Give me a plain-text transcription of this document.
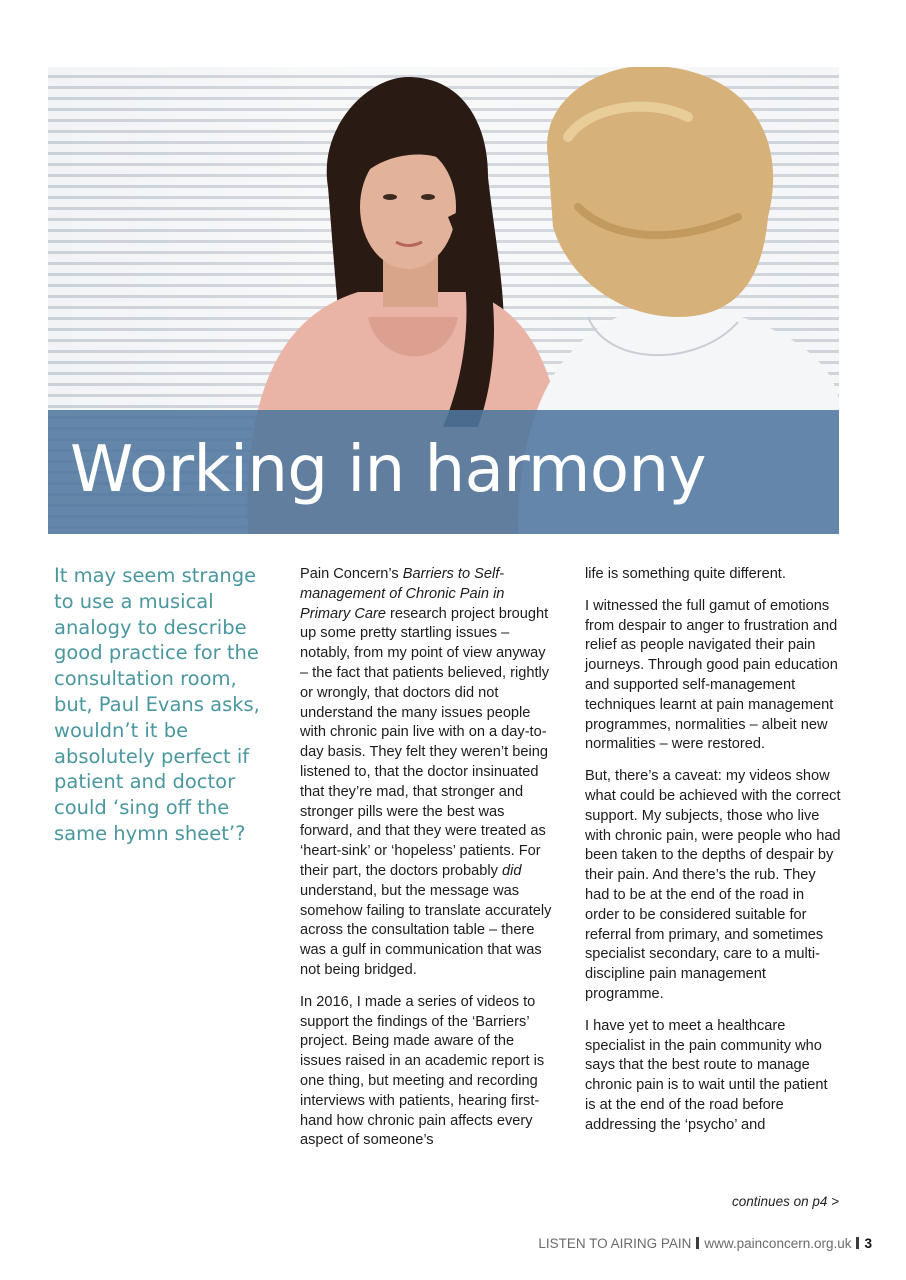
Working in harmony

It may seem strange to use a musical analogy to describe good practice for the consultation room, but, Paul Evans asks, wouldn’t it be absolutely perfect if patient and doctor could ‘sing off the same hymn sheet’?

Pain Concern’s Barriers to Self-management of Chronic Pain in Primary Care research project brought up some pretty startling issues – notably, from my point of view anyway – the fact that patients believed, rightly or wrongly, that doctors did not understand the many issues people with chronic pain live with on a day-to-day basis. They felt they weren’t being listened to, that the doctor insinuated that they’re mad, that stronger and stronger pills were the best was forward, and that they were treated as ‘heart-sink’ or ‘hopeless’ patients. For their part, the doctors probably did understand, but the message was somehow failing to translate accurately across the consultation table – there was a gulf in communication that was not being bridged.

In 2016, I made a series of videos to support the findings of the ‘Barriers’ project. Being made aware of the issues raised in an academic report is one thing, but meeting and recording interviews with patients, hearing first-hand how chronic pain affects every aspect of someone’s

life is something quite different.

I witnessed the full gamut of emotions from despair to anger to frustration and relief as people navigated their pain journeys. Through good pain education and supported self-management techniques learnt at pain management programmes, normalities – albeit new normalities – were restored.

But, there’s a caveat: my videos show what could be achieved with the correct support. My subjects, those who live with chronic pain, were people who had been taken to the depths of despair by their pain. And there’s the rub. They had to be at the end of the road in order to be considered suitable for referral from primary, and sometimes specialist secondary, care to a multi-discipline pain management programme.

I have yet to meet a healthcare specialist in the pain community who says that the best route to manage chronic pain is to wait until the patient is at the end of the road before addressing the ‘psycho’ and

continues on p4 >
LISTEN TO AIRING PAIN www.painconcern.org.uk 3
